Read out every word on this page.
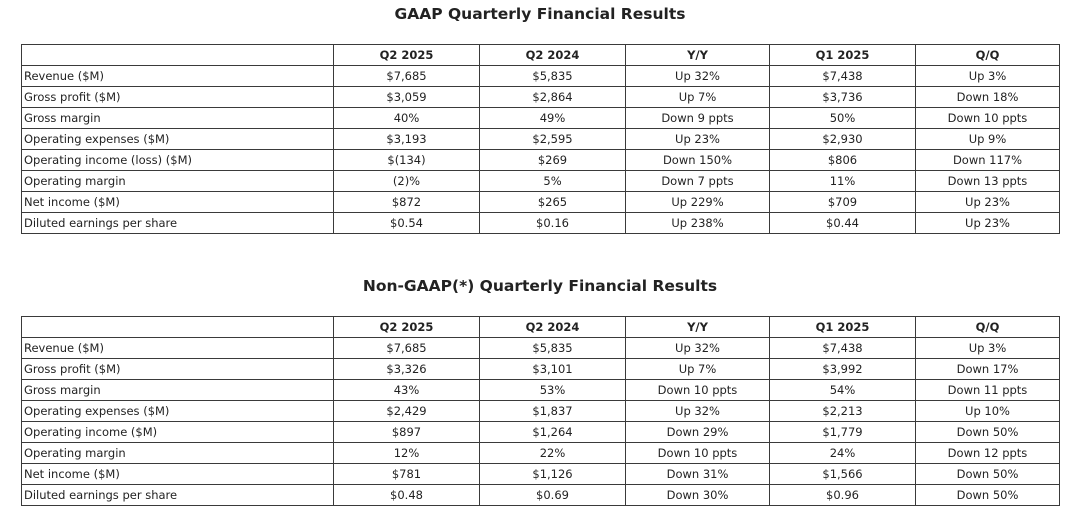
GAAP Quarterly Financial Results
	Q2 2025	Q2 2024	Y/Y	Q1 2025	Q/Q
Revenue ($M)	$7,685	$5,835	Up 32%	$7,438	Up 3%
Gross profit ($M)	$3,059	$2,864	Up 7%	$3,736	Down 18%
Gross margin	40%	49%	Down 9 ppts	50%	Down 10 ppts
Operating expenses ($M)	$3,193	$2,595	Up 23%	$2,930	Up 9%
Operating income (loss) ($M)	$(134)	$269	Down 150%	$806	Down 117%
Operating margin	(2)%	5%	Down 7 ppts	11%	Down 13 ppts
Net income ($M)	$872	$265	Up 229%	$709	Up 23%
Diluted earnings per share	$0.54	$0.16	Up 238%	$0.44	Up 23%
Non-GAAP(*) Quarterly Financial Results
	Q2 2025	Q2 2024	Y/Y	Q1 2025	Q/Q
Revenue ($M)	$7,685	$5,835	Up 32%	$7,438	Up 3%
Gross profit ($M)	$3,326	$3,101	Up 7%	$3,992	Down 17%
Gross margin	43%	53%	Down 10 ppts	54%	Down 11 ppts
Operating expenses ($M)	$2,429	$1,837	Up 32%	$2,213	Up 10%
Operating income ($M)	$897	$1,264	Down 29%	$1,779	Down 50%
Operating margin	12%	22%	Down 10 ppts	24%	Down 12 ppts
Net income ($M)	$781	$1,126	Down 31%	$1,566	Down 50%
Diluted earnings per share	$0.48	$0.69	Down 30%	$0.96	Down 50%
